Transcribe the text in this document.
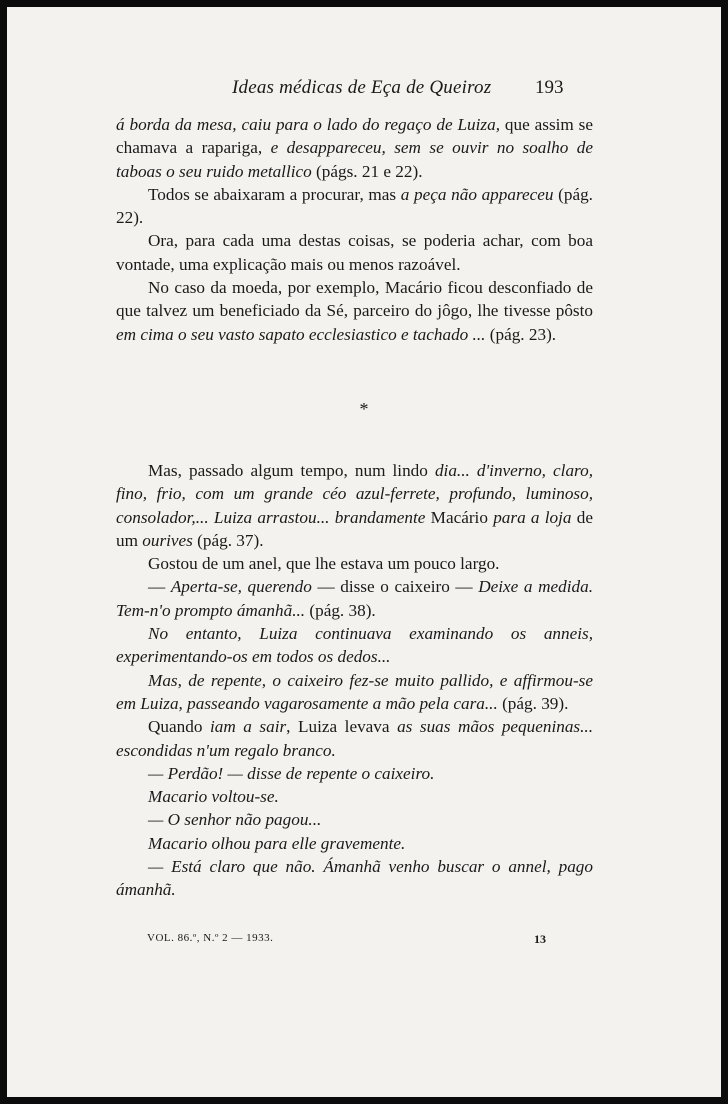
Ideas médicas de Eça de Queiroz 193

á borda da mesa, caiu para o lado do regaço de Luiza, que assim se chamava a rapariga, e desappareceu, sem se ouvir no soalho de taboas o seu ruido metallico (págs. 21 e 22).

Todos se abaixaram a procurar, mas a peça não appareceu (pág. 22).

Ora, para cada uma destas coisas, se poderia achar, com boa vontade, uma explicação mais ou menos razoável.

No caso da moeda, por exemplo, Macário ficou desconfiado de que talvez um beneficiado da Sé, parceiro do jôgo, lhe tivesse pôsto em cima o seu vasto sapato ecclesiastico e tachado ... (pág. 23).

*

Mas, passado algum tempo, num lindo dia... d'inverno, claro, fino, frio, com um grande céo azul-ferrete, profundo, luminoso, consolador,... Luiza arrastou... brandamente Macário para a loja de um ourives (pág. 37).

Gostou de um anel, que lhe estava um pouco largo.

— Aperta-se, querendo — disse o caixeiro — Deixe a medida. Tem-n'o prompto ámanhã... (pág. 38).

No entanto, Luiza continuava examinando os anneis, experimentando-os em todos os dedos...

Mas, de repente, o caixeiro fez-se muito pallido, e affirmou-se em Luiza, passeando vagarosamente a mão pela cara... (pág. 39).

Quando iam a sair, Luiza levava as suas mãos pequeninas... escondidas n'um regalo branco.

— Perdão! — disse de repente o caixeiro.

Macario voltou-se.

— O senhor não pagou...

Macario olhou para elle gravemente.

— Está claro que não. Ámanhã venho buscar o annel, pago ámanhã.

VOL. 86.º, N.º 2 — 1933.	13
